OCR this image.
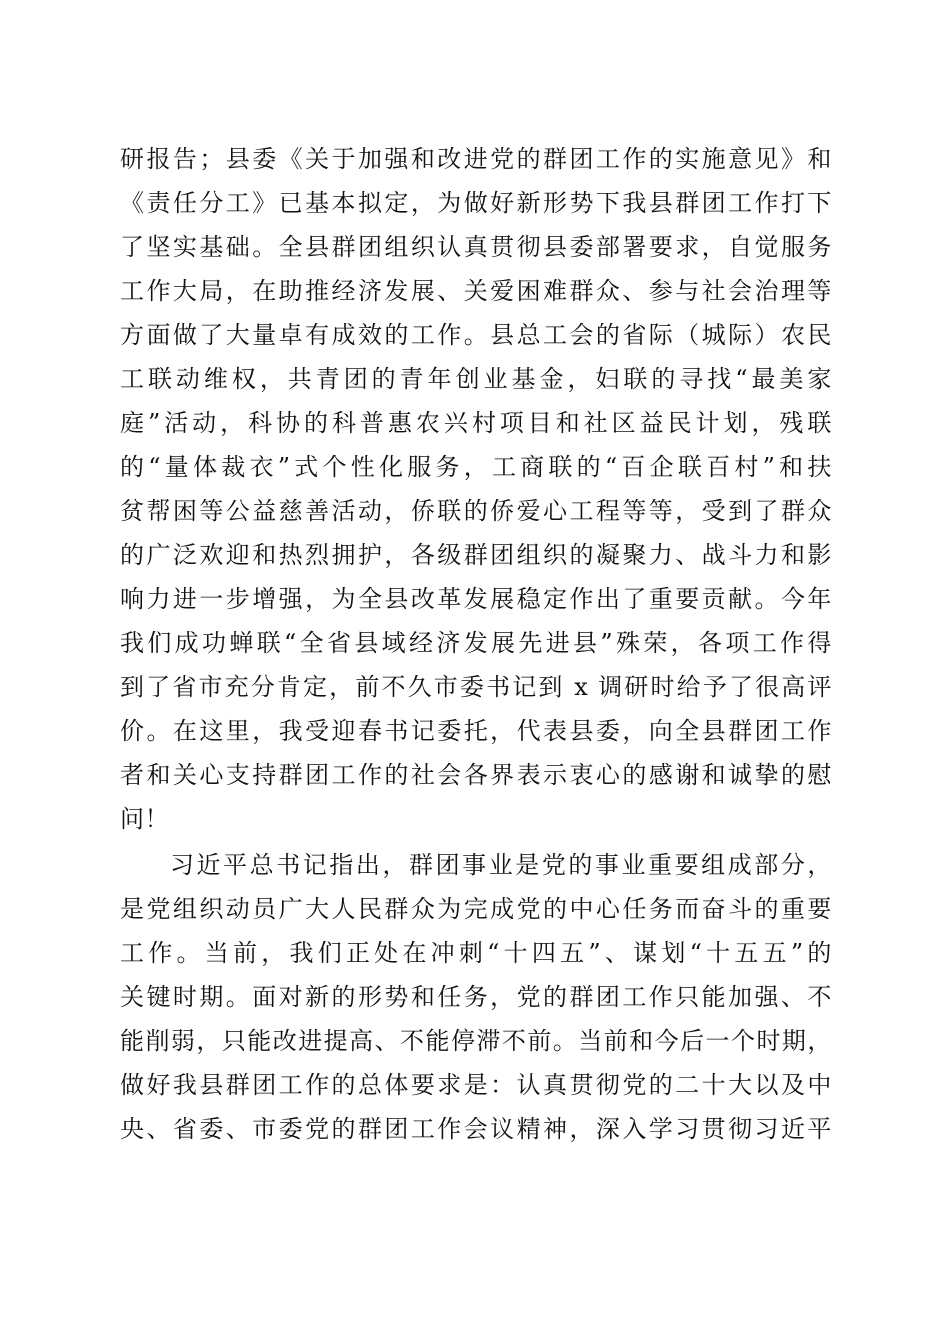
研报告；县委《关于加强和改进党的群团工作的实施意见》和
《责任分工》已基本拟定，为做好新形势下我县群团工作打下
了坚实基础。全县群团组织认真贯彻县委部署要求，自觉服务
工作大局，在助推经济发展、关爱困难群众、参与社会治理等
方面做了大量卓有成效的工作。县总工会的省际（城际）农民
工联动维权，共青团的青年创业基金，妇联的寻找“最美家
庭”活动，科协的科普惠农兴村项目和社区益民计划，残联
的“量体裁衣”式个性化服务，工商联的“百企联百村”和扶
贫帮困等公益慈善活动，侨联的侨爱心工程等等，受到了群众
的广泛欢迎和热烈拥护，各级群团组织的凝聚力、战斗力和影
响力进一步增强，为全县改革发展稳定作出了重要贡献。今年
我们成功蝉联“全省县域经济发展先进县”殊荣，各项工作得
到了省市充分肯定，前不久市委书记到 x 调研时给予了很高评
价。在这里，我受迎春书记委托，代表县委，向全县群团工作
者和关心支持群团工作的社会各界表示衷心的感谢和诚挚的慰
问！
习近平总书记指出，群团事业是党的事业重要组成部分，
是党组织动员广大人民群众为完成党的中心任务而奋斗的重要
工作。当前，我们正处在冲刺“十四五”、谋划“十五五”的
关键时期。面对新的形势和任务，党的群团工作只能加强、不
能削弱，只能改进提高、不能停滞不前。当前和今后一个时期，
做好我县群团工作的总体要求是：认真贯彻党的二十大以及中
央、省委、市委党的群团工作会议精神，深入学习贯彻习近平
